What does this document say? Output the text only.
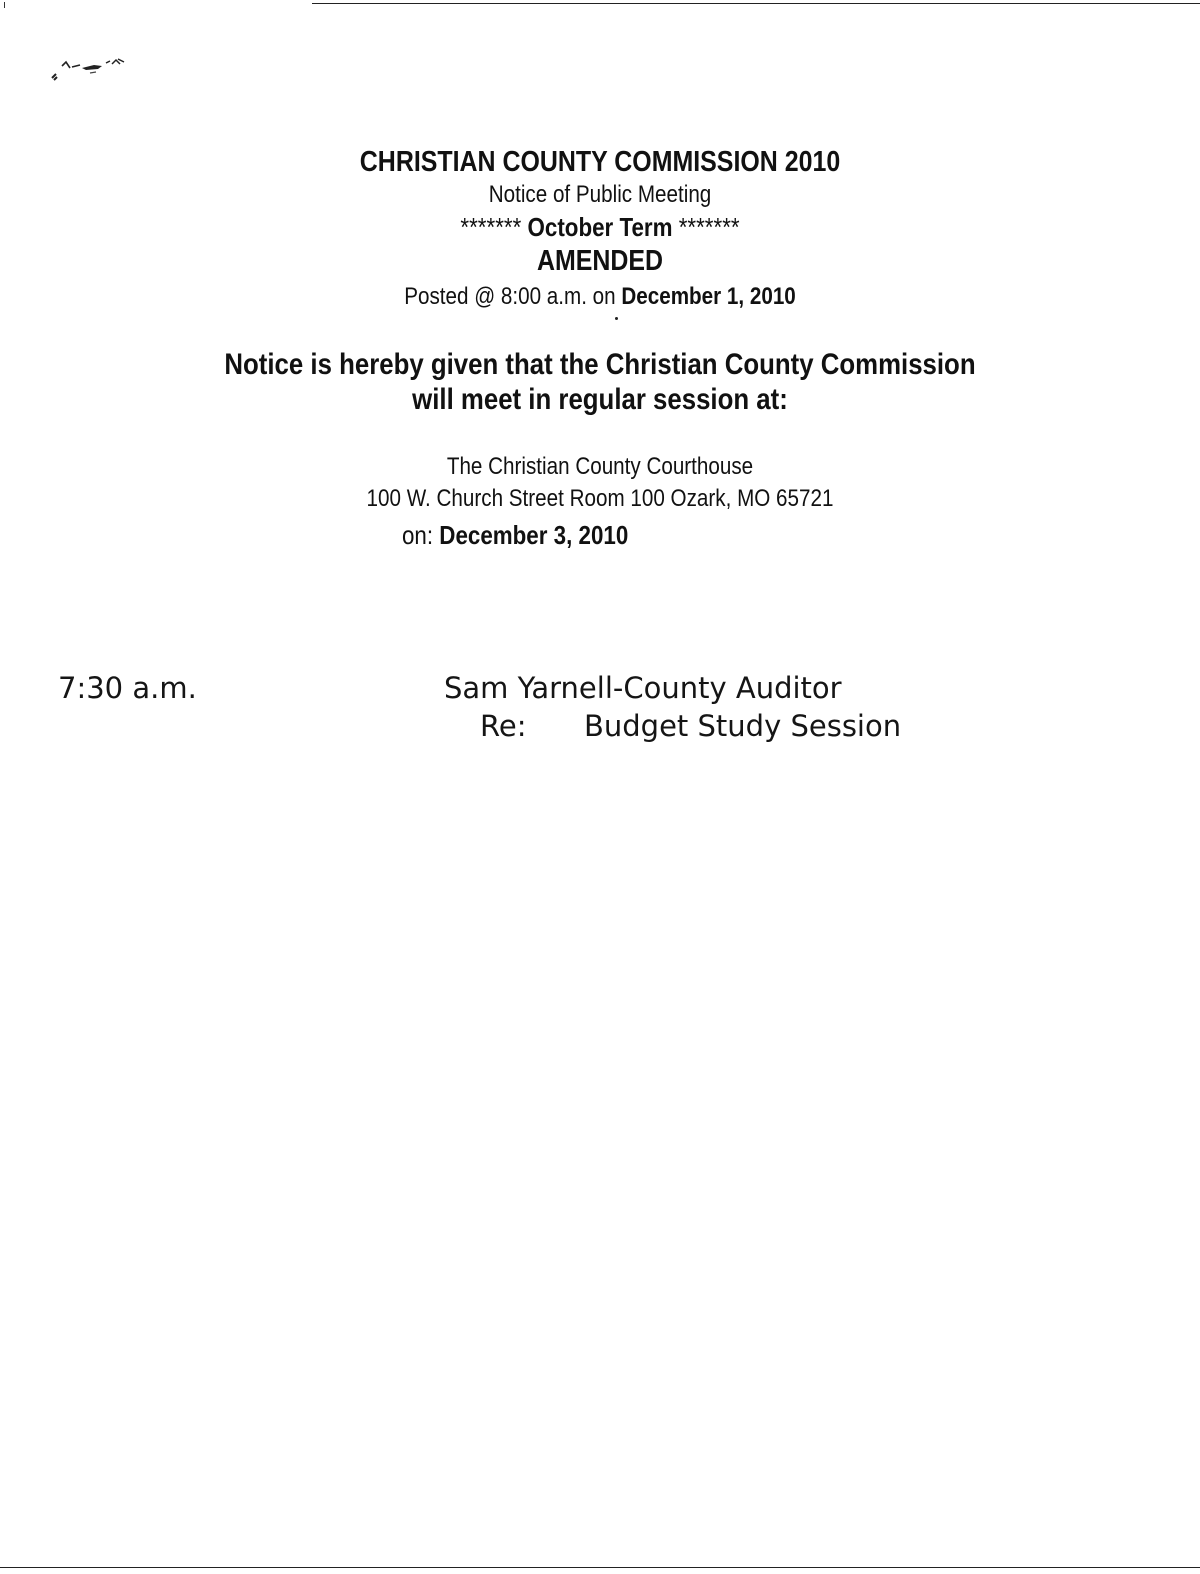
CHRISTIAN COUNTY COMMISSION 2010
Notice of Public Meeting
******* October Term *******
AMENDED
Posted @ 8:00 a.m. on December 1, 2010
Notice is hereby given that the Christian County Commission
will meet in regular session at:
The Christian County Courthouse
100 W. Church Street Room 100 Ozark, MO 65721
on: December 3, 2010
7:30 a.m.	Sam Yarnell-County Auditor
Re: Budget Study Session
